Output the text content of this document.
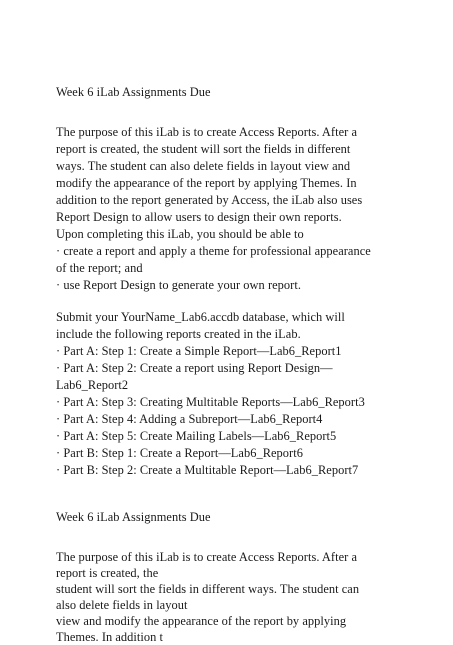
Week 6 iLab Assignments Due
The purpose of this iLab is to create Access Reports. After a
report is created, the student will sort the fields in different
ways. The student can also delete fields in layout view and
modify the appearance of the report by applying Themes. In
addition to the report generated by Access, the iLab also uses
Report Design to allow users to design their own reports.
Upon completing this iLab, you should be able to
· create a report and apply a theme for professional appearance
of the report; and
· use Report Design to generate your own report.
Submit your YourName_Lab6.accdb database, which will
include the following reports created in the iLab.
· Part A: Step 1: Create a Simple Report—Lab6_Report1
· Part A: Step 2: Create a report using Report Design—
Lab6_Report2
· Part A: Step 3: Creating Multitable Reports—Lab6_Report3
· Part A: Step 4: Adding a Subreport—Lab6_Report4
· Part A: Step 5: Create Mailing Labels—Lab6_Report5
· Part B: Step 1: Create a Report—Lab6_Report6
· Part B: Step 2: Create a Multitable Report—Lab6_Report7
Week 6 iLab Assignments Due
The purpose of this iLab is to create Access Reports. After a
report is created, the
student will sort the fields in different ways. The student can
also delete fields in layout
view and modify the appearance of the report by applying
Themes. In addition t
